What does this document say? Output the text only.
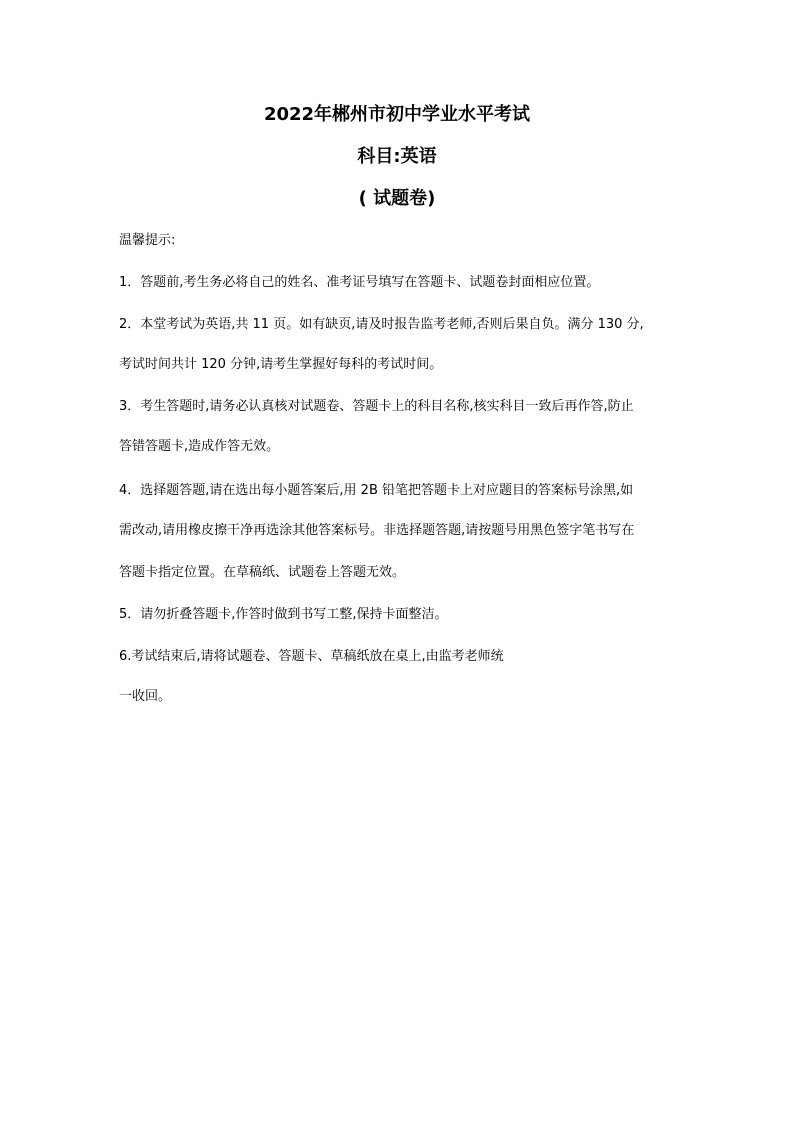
2022年郴州市初中学业水平考试
科目:英语
( 试题卷)
温馨提示:
1．答题前,考生务必将自己的姓名、准考证号填写在答题卡、试题卷封面相应位置。
2．本堂考试为英语,共 11 页。如有缺页,请及时报告监考老师,否则后果自负。满分 130 分,
考试时间共计 120 分钟,请考生掌握好每科的考试时间。
3．考生答题时,请务必认真核对试题卷、答题卡上的科目名称,核实科目一致后再作答,防止
答错答题卡,造成作答无效。
4．选择题答题,请在选出每小题答案后,用 2B 铅笔把答题卡上对应题目的答案标号涂黑,如
需改动,请用橡皮擦干净再选涂其他答案标号。非选择题答题,请按题号用黑色签字笔书写在
答题卡指定位置。在草稿纸、试题卷上答题无效。
5．请勿折叠答题卡,作答时做到书写工整,保持卡面整洁。
6.考试结束后,请将试题卷、答题卡、草稿纸放在桌上,由监考老师统
一收回。
